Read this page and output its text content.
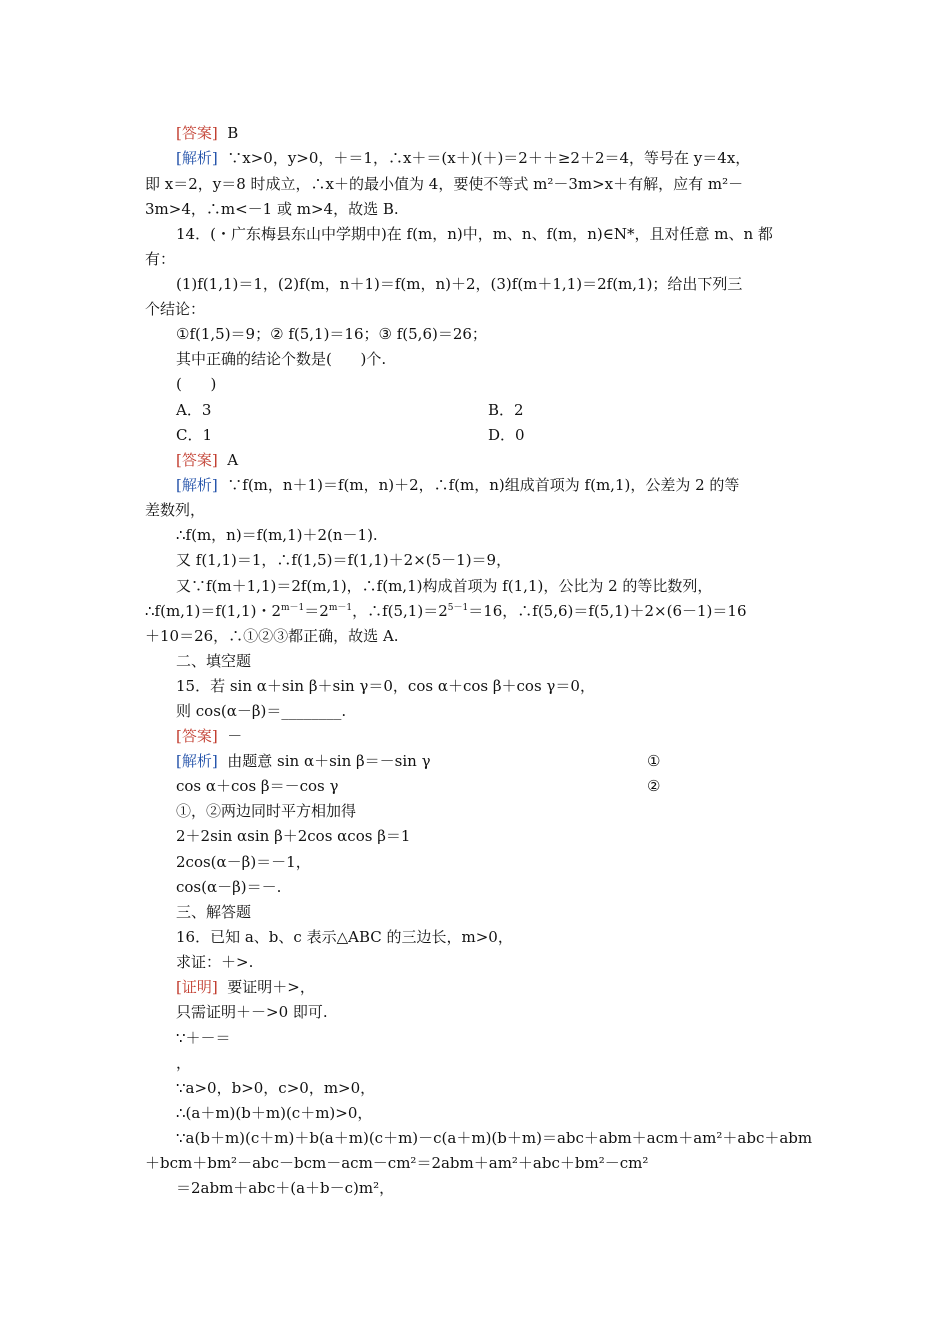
[答案] B
[解析] ∵x>0，y>0，＋＝1，∴x＋＝(x＋)(＋)＝2＋＋≥2＋2＝4，等号在 y＝4x，
即 x＝2，y＝8 时成立，∴x＋的最小值为 4，要使不等式 m²－3m>x＋有解，应有 m²－
3m>4，∴m<－1 或 m>4，故选 B.
14．(・广东梅县东山中学期中)在 f(m，n)中，m、n、f(m，n)∈N*，且对任意 m、n 都
有：
(1)f(1,1)＝1，(2)f(m，n＋1)＝f(m，n)＋2，(3)f(m＋1,1)＝2f(m,1)；给出下列三
个结论：
①f(1,5)＝9；② f(5,1)＝16；③ f(5,6)＝26；
其中正确的结论个数是(      )个.
(      )
A．3	B．2
C．1	D．0
[答案] A
[解析] ∵f(m，n＋1)＝f(m，n)＋2，∴f(m，n)组成首项为 f(m,1)，公差为 2 的等
差数列，
∴f(m，n)＝f(m,1)＋2(n－1).
又 f(1,1)＝1，∴f(1,5)＝f(1,1)＋2×(5－1)＝9，
又∵f(m＋1,1)＝2f(m,1)，∴f(m,1)构成首项为 f(1,1)，公比为 2 的等比数列，
∴f(m,1)＝f(1,1)・$2^{m-1}=2^{m-1}$，$\therefore f(5,1)=2^{5-1}=16$，∴f(5,6)＝f(5,1)＋2×(6－1)＝16
＋10＝26，∴①②③都正确，故选 A.
二、填空题
15．若 sin α＋sin β＋sin γ＝0，cos α＋cos β＋cos γ＝0，
则 cos(α－β)＝________.
[答案] －
[解析] 由题意 sin α＋sin β＝－sin γ	①
cos α＋cos β＝－cos γ	②
①，②两边同时平方相加得
2＋2sin αsin β＋2cos αcos β＝1
2cos(α－β)＝－1，
cos(α－β)＝－.
三、解答题
16．已知 a、b、c 表示△ABC 的三边长，m>0，
求证：＋>.
[证明] 要证明＋>，
只需证明＋－>0 即可.
∵＋－＝
，
∵a>0，b>0，c>0，m>0，
∴(a＋m)(b＋m)(c＋m)>0，
∵a(b＋m)(c＋m)＋b(a＋m)(c＋m)－c(a＋m)(b＋m)＝abc＋abm＋acm＋am²＋abc＋abm
＋bcm＋bm²－abc－bcm－acm－cm²＝2abm＋am²＋abc＋bm²－cm²
＝2abm＋abc＋(a＋b－c)m²，
